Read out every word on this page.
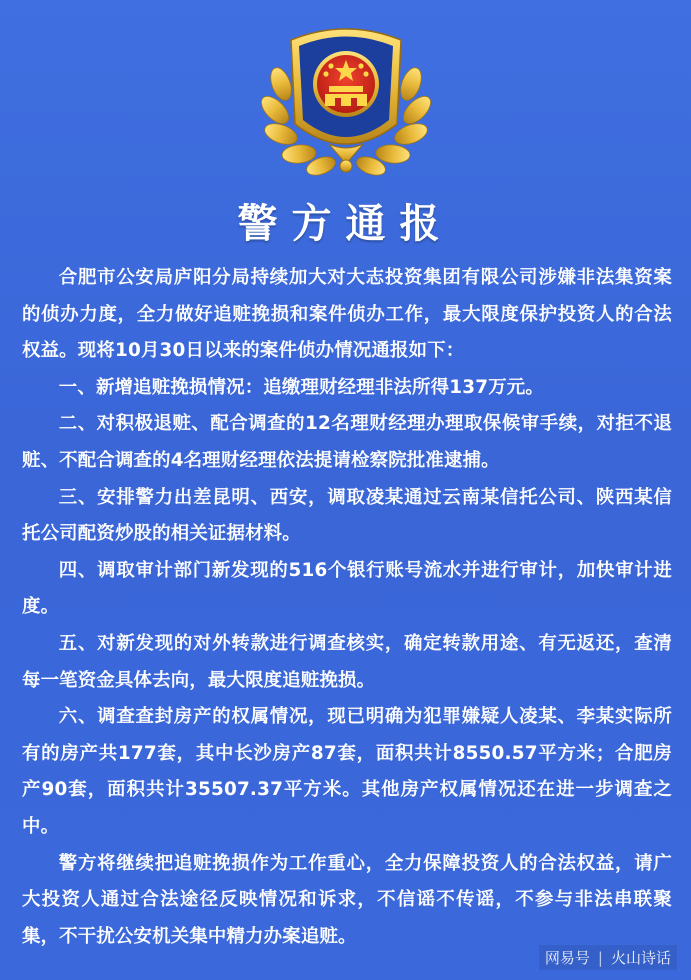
警方通报

合肥市公安局庐阳分局持续加大对大志投资集团有限公司涉嫌非法集资案的侦办力度，全力做好追赃挽损和案件侦办工作，最大限度保护投资人的合法权益。现将10月30日以来的案件侦办情况通报如下：

一、新增追赃挽损情况：追缴理财经理非法所得137万元。

二、对积极退赃、配合调查的12名理财经理办理取保候审手续，对拒不退赃、不配合调查的4名理财经理依法提请检察院批准逮捕。

三、安排警力出差昆明、西安，调取凌某通过云南某信托公司、陕西某信托公司配资炒股的相关证据材料。

四、调取审计部门新发现的516个银行账号流水并进行审计，加快审计进度。

五、对新发现的对外转款进行调查核实，确定转款用途、有无返还，查清每一笔资金具体去向，最大限度追赃挽损。

六、调查查封房产的权属情况，现已明确为犯罪嫌疑人凌某、李某实际所有的房产共177套，其中长沙房产87套，面积共计8550.57平方米；合肥房产90套，面积共计35507.37平方米。其他房产权属情况还在进一步调查之中。

警方将继续把追赃挽损作为工作重心，全力保障投资人的合法权益，请广大投资人通过合法途径反映情况和诉求，不信谣不传谣，不参与非法串联聚集，不干扰公安机关集中精力办案追赃。

网易号 | 火山诗话
